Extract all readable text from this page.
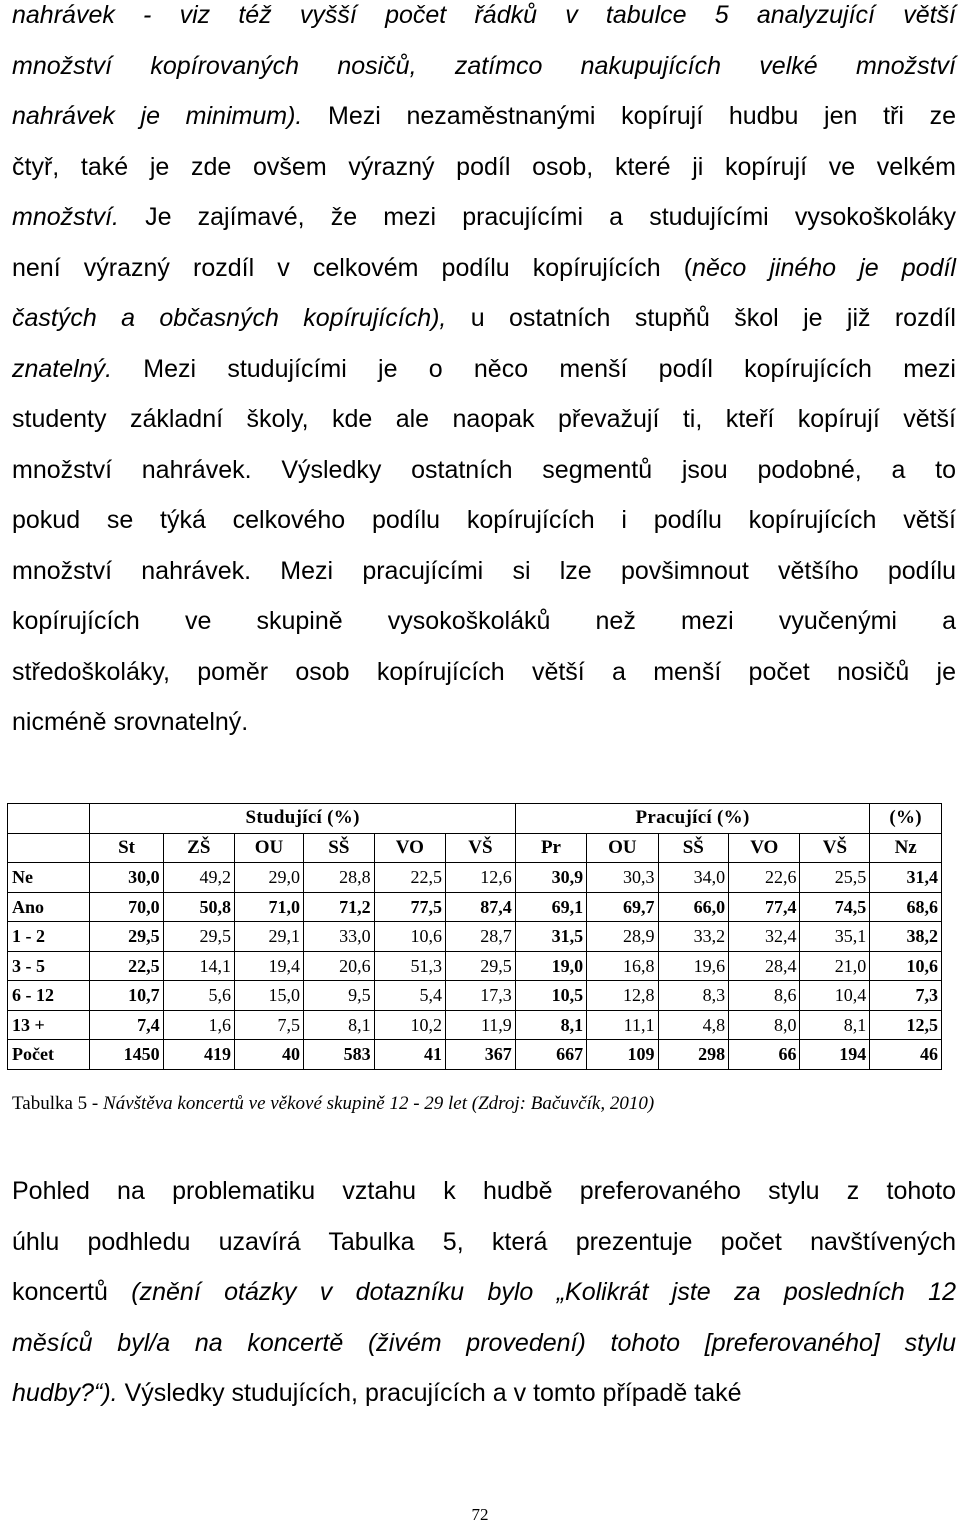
nahrávek - viz též vyšší počet řádků v tabulce 5 analyzující větší
množství kopírovaných nosičů, zatímco nakupujících velké množství
nahrávek je minimum). Mezi nezaměstnanými kopírují hudbu jen tři ze
čtyř, také je zde ovšem výrazný podíl osob, které ji kopírují ve velkém
množství. Je zajímavé, že mezi pracujícími a studujícími vysokoškoláky
není výrazný rozdíl v celkovém podílu kopírujících (něco jiného je podíl
častých a občasných kopírujících), u ostatních stupňů škol je již rozdíl
znatelný. Mezi studujícími je o něco menší podíl kopírujících mezi
studenty základní školy, kde ale naopak převažují ti, kteří kopírují větší
množství nahrávek. Výsledky ostatních segmentů jsou podobné, a to
pokud se týká celkového podílu kopírujících i podílu kopírujících větší
množství nahrávek. Mezi pracujícími si lze povšimnout většího podílu
kopírujících ve skupině vysokoškoláků než mezi vyučenými a
středoškoláky, poměr osob kopírujících větší a menší počet nosičů je
nicméně srovnatelný.
	Studující (%)						Pracující (%)					(%)
	St	ZŠ	OU	SŠ	VO	VŠ	Pr	OU	SŠ	VO	VŠ	Nz
Ne	30,0	49,2	29,0	28,8	22,5	12,6	30,9	30,3	34,0	22,6	25,5	31,4
Ano	70,0	50,8	71,0	71,2	77,5	87,4	69,1	69,7	66,0	77,4	74,5	68,6
1 - 2	29,5	29,5	29,1	33,0	10,6	28,7	31,5	28,9	33,2	32,4	35,1	38,2
3 - 5	22,5	14,1	19,4	20,6	51,3	29,5	19,0	16,8	19,6	28,4	21,0	10,6
6 - 12	10,7	5,6	15,0	9,5	5,4	17,3	10,5	12,8	8,3	8,6	10,4	7,3
13 +	7,4	1,6	7,5	8,1	10,2	11,9	8,1	11,1	4,8	8,0	8,1	12,5
Počet	1450	419	40	583	41	367	667	109	298	66	194	46
Tabulka 5 - Návštěva koncertů ve věkové skupině 12 - 29 let (Zdroj: Bačuvčík, 2010)
Pohled na problematiku vztahu k hudbě preferovaného stylu z tohoto
úhlu podhledu uzavírá Tabulka 5, která prezentuje počet navštívených
koncertů (znění otázky v dotazníku bylo „Kolikrát jste za posledních 12
měsíců byl/a na koncertě (živém provedení) tohoto [preferovaného] stylu
hudby?“). Výsledky studujících, pracujících a v tomto případě také
72
